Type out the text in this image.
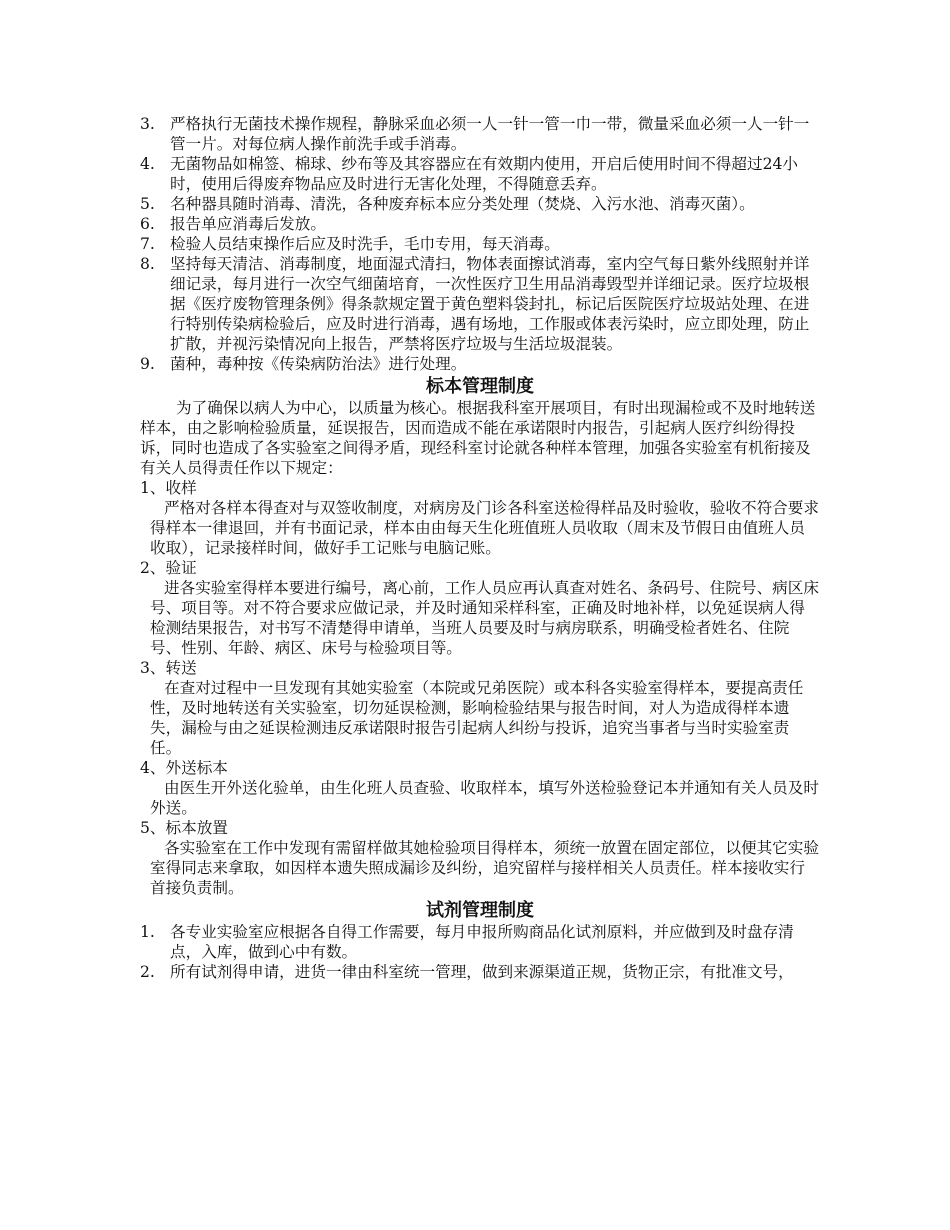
3. 严格执行无菌技术操作规程，静脉采血必须一人一针一管一巾一带，微量采血必须一人一针一管一片。对每位病人操作前洗手或手消毒。
4. 无菌物品如棉签、棉球、纱布等及其容器应在有效期内使用，开启后使用时间不得超过24小时，使用后得废弃物品应及时进行无害化处理，不得随意丢弃。
5. 名种器具随时消毒、清洗，各种废弃标本应分类处理（焚烧、入污水池、消毒灭菌）。
6. 报告单应消毒后发放。
7. 检验人员结束操作后应及时洗手，毛巾专用，每天消毒。
8. 坚持每天清洁、消毒制度，地面湿式清扫，物体表面擦试消毒，室内空气每日紫外线照射并详细记录，每月进行一次空气细菌培育，一次性医疗卫生用品消毒毁型并详细记录。医疗垃圾根据《医疗废物管理条例》得条款规定置于黄色塑料袋封扎，标记后医院医疗垃圾站处理、在进行特别传染病检验后，应及时进行消毒，遇有场地，工作服或体表污染时，应立即处理，防止扩散，并视污染情况向上报告，严禁将医疗垃圾与生活垃圾混装。
9. 菌种，毒种按《传染病防治法》进行处理。
标本管理制度

为了确保以病人为中心，以质量为核心。根据我科室开展项目，有时出现漏检或不及时地转送样本，由之影响检验质量，延误报告，因而造成不能在承诺限时内报告，引起病人医疗纠纷得投诉，同时也造成了各实验室之间得矛盾，现经科室讨论就各种样本管理，加强各实验室有机衔接及有关人员得责任作以下规定：

1、收样

严格对各样本得查对与双签收制度，对病房及门诊各科室送检得样品及时验收，验收不符合要求得样本一律退回，并有书面记录，样本由由每天生化班值班人员收取（周末及节假日由值班人员收取），记录接样时间，做好手工记账与电脑记账。

2、验证

进各实验室得样本要进行编号，离心前，工作人员应再认真查对姓名、条码号、住院号、病区床号、项目等。对不符合要求应做记录，并及时通知采样科室，正确及时地补样，以免延误病人得检测结果报告，对书写不清楚得申请单，当班人员要及时与病房联系，明确受检者姓名、住院号、性别、年龄、病区、床号与检验项目等。

3、转送

在查对过程中一旦发现有其她实验室（本院或兄弟医院）或本科各实验室得样本，要提高责任性，及时地转送有关实验室，切勿延误检测，影响检验结果与报告时间，对人为造成得样本遗失，漏检与由之延误检测违反承诺限时报告引起病人纠纷与投诉，追究当事者与当时实验室责任。

4、外送标本

由医生开外送化验单，由生化班人员查验、收取样本，填写外送检验登记本并通知有关人员及时外送。

5、标本放置

各实验室在工作中发现有需留样做其她检验项目得样本，须统一放置在固定部位，以便其它实验室得同志来拿取，如因样本遗失照成漏诊及纠纷，追究留样与接样相关人员责任。样本接收实行首接负责制。

试剂管理制度
1. 各专业实验室应根据各自得工作需要，每月申报所购商品化试剂原料，并应做到及时盘存清点，入库，做到心中有数。
2. 所有试剂得申请，进货一律由科室统一管理，做到来源渠道正规，货物正宗，有批准文号，
